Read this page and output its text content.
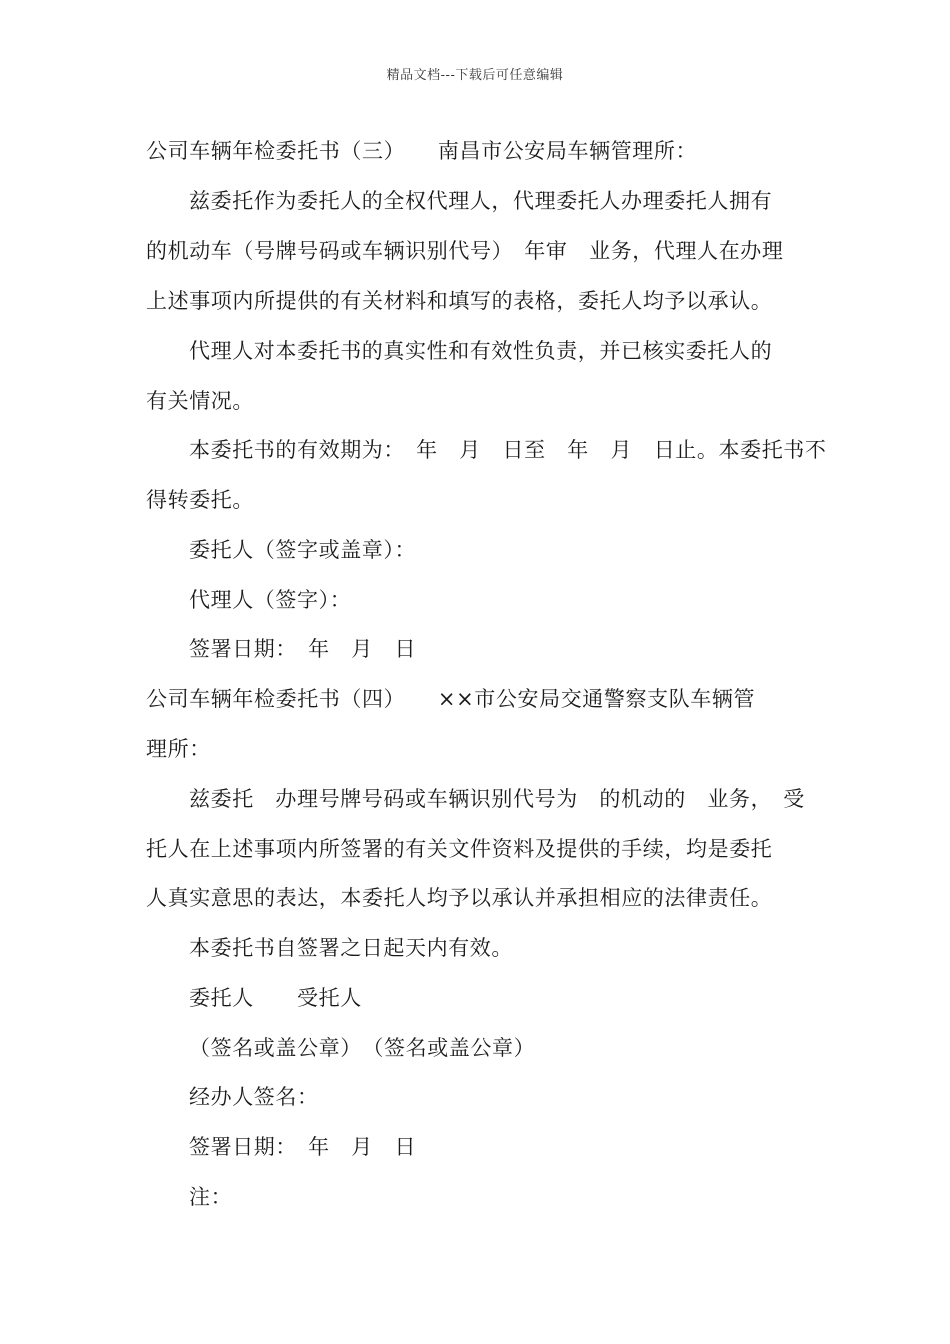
精品文档---下载后可任意编辑
公司车辆年检委托书（三）　　南昌市公安局车辆管理所：
兹委托作为委托人的全权代理人，代理委托人办理委托人拥有
的机动车（号牌号码或车辆识别代号）　年审　业务，代理人在办理
上述事项内所提供的有关材料和填写的表格，委托人均予以承认。
代理人对本委托书的真实性和有效性负责，并已核实委托人的
有关情况。
本委托书的有效期为：　年　月　日至　年　月　日止。本委托书不
得转委托。
委托人（签字或盖章）：
代理人（签字）：
签署日期：　年　月　日
公司车辆年检委托书（四）　　××市公安局交通警察支队车辆管
理所：
兹委托　办理号牌号码或车辆识别代号为　的机动的　业务，　受
托人在上述事项内所签署的有关文件资料及提供的手续，均是委托
人真实意思的表达，本委托人均予以承认并承担相应的法律责任。
本委托书自签署之日起天内有效。
委托人　　受托人
（签名或盖公章）　（签名或盖公章）
经办人签名：
签署日期：　年　月　日
注：
